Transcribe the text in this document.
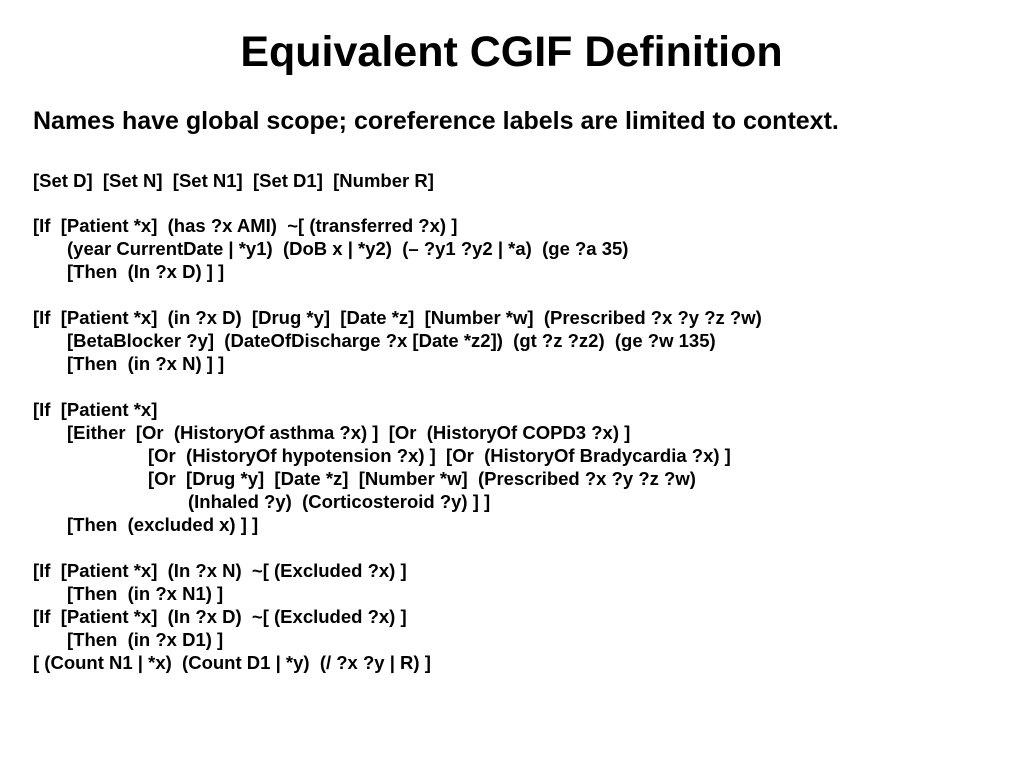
Equivalent CGIF Definition
Names have global scope; coreference labels are limited to context.
[Set D]  [Set N]  [Set N1]  [Set D1]  [Number R]
[If  [Patient *x]  (has ?x AMI)  ~[ (transferred ?x) ]
(year CurrentDate | *y1)  (DoB x | *y2)  (– ?y1 ?y2 | *a)  (ge ?a 35)
[Then  (In ?x D) ] ]
[If  [Patient *x]  (in ?x D)  [Drug *y]  [Date *z]  [Number *w]  (Prescribed ?x ?y ?z ?w)
[BetaBlocker ?y]  (DateOfDischarge ?x [Date *z2])  (gt ?z ?z2)  (ge ?w 135)
[Then  (in ?x N) ] ]
[If  [Patient *x]
[Either  [Or  (HistoryOf asthma ?x) ]  [Or  (HistoryOf COPD3 ?x) ]
[Or  (HistoryOf hypotension ?x) ]  [Or  (HistoryOf Bradycardia ?x) ]
[Or  [Drug *y]  [Date *z]  [Number *w]  (Prescribed ?x ?y ?z ?w)
(Inhaled ?y)  (Corticosteroid ?y) ] ]
[Then  (excluded x) ] ]
[If  [Patient *x]  (In ?x N)  ~[ (Excluded ?x) ]
[Then  (in ?x N1) ]
[If  [Patient *x]  (In ?x D)  ~[ (Excluded ?x) ]
[Then  (in ?x D1) ]
[ (Count N1 | *x)  (Count D1 | *y)  (/ ?x ?y | R) ]
